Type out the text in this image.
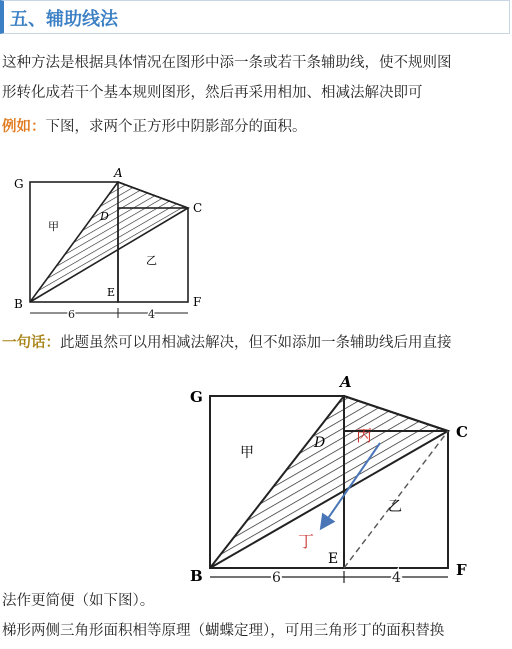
五、辅助线法
这种方法是根据具体情况在图形中添一条或若干条辅助线，使不规则图
形转化成若干个基本规则图形，然后再采用相加、相减法解决即可
例如：下图，求两个正方形中阴影部分的面积。
G
A
C
D
B
E
F
甲
乙
6	4
一句话：此题虽然可以用相减法解决，但不如添加一条辅助线后用直接
G
A
C
D
B
E
F
甲
乙
丙
丁
6	4
法作更简便（如下图）。
梯形两侧三角形面积相等原理（蝴蝶定理），可用三角形丁的面积替换
